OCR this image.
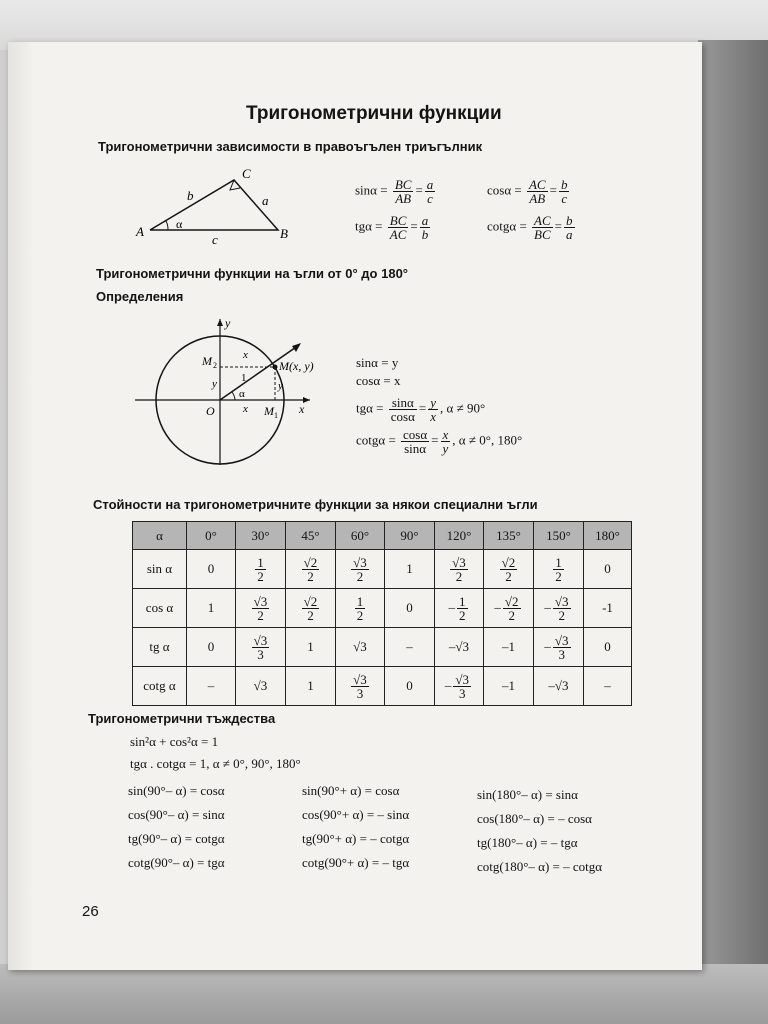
Тригонометрични функции
Тригонометрични зависимости в правоъгълен триъгълник
A	B
C
a
b
c
α
$\sin\alpha = \frac{BC}{AB} = \frac{a}{c}$	$\cos\alpha = \frac{AC}{AB} = \frac{b}{c}$
$tg\alpha = \frac{BC}{AC} = \frac{a}{b}$	$\cot g\alpha = \frac{AC}{BC} = \frac{b}{a}$
Тригонометрични функции на ъгли от 0° до 180°
Определения
y
x
O
M(x, y)
M 1
M 2
1
α
x
y
x
y
sinα = y
cosα = x
$tg\alpha = \frac{\sin\alpha}{\cos\alpha} = \frac{y}{x}$ , α ≠ 90°
$\cot g\alpha = \frac{\cos\alpha}{\sin\alpha} = \frac{x}{y}$ , α ≠ 0°, 180°
Стойности на тригонометричните функции за някои специални ъгли
α	0°	30°	45°	60°	90°	120°	135°	150°	180°
sin α	0	$\frac{1}{2}$	$\frac{√2}{2}$	$\frac{√3}{2}$	1	$\frac{√3}{2}$	$\frac{√2}{2}$	$\frac{1}{2}$	0
cos α	1	$\frac{√3}{2}$	$\frac{√2}{2}$	$\frac{1}{2}$	0	– $\frac{1}{2}$	– $\frac{√2}{2}$	– $\frac{√3}{2}$	-1
tg α	0	$\frac{√3}{3}$	1	√3	–	–√3	–1	– $\frac{√3}{3}$	0
cotg α	–	√3	1	$\frac{√3}{3}$	0	– $\frac{√3}{3}$	–1	–√3	–
Тригонометрични тъждества
sin²α + cos²α = 1
tgα . cotgα = 1, α ≠ 0°, 90°, 180°
sin(90°– α) = cosα
cos(90°– α) = sinα
tg(90°– α) = cotgα
cotg(90°– α) = tgα
sin(90°+ α) = cosα
cos(90°+ α) = – sinα
tg(90°+ α) = – cotgα
cotg(90°+ α) = – tgα
sin(180°– α) = sinα
cos(180°– α) = – cosα
tg(180°– α) = – tgα
cotg(180°– α) = – cotgα
26
